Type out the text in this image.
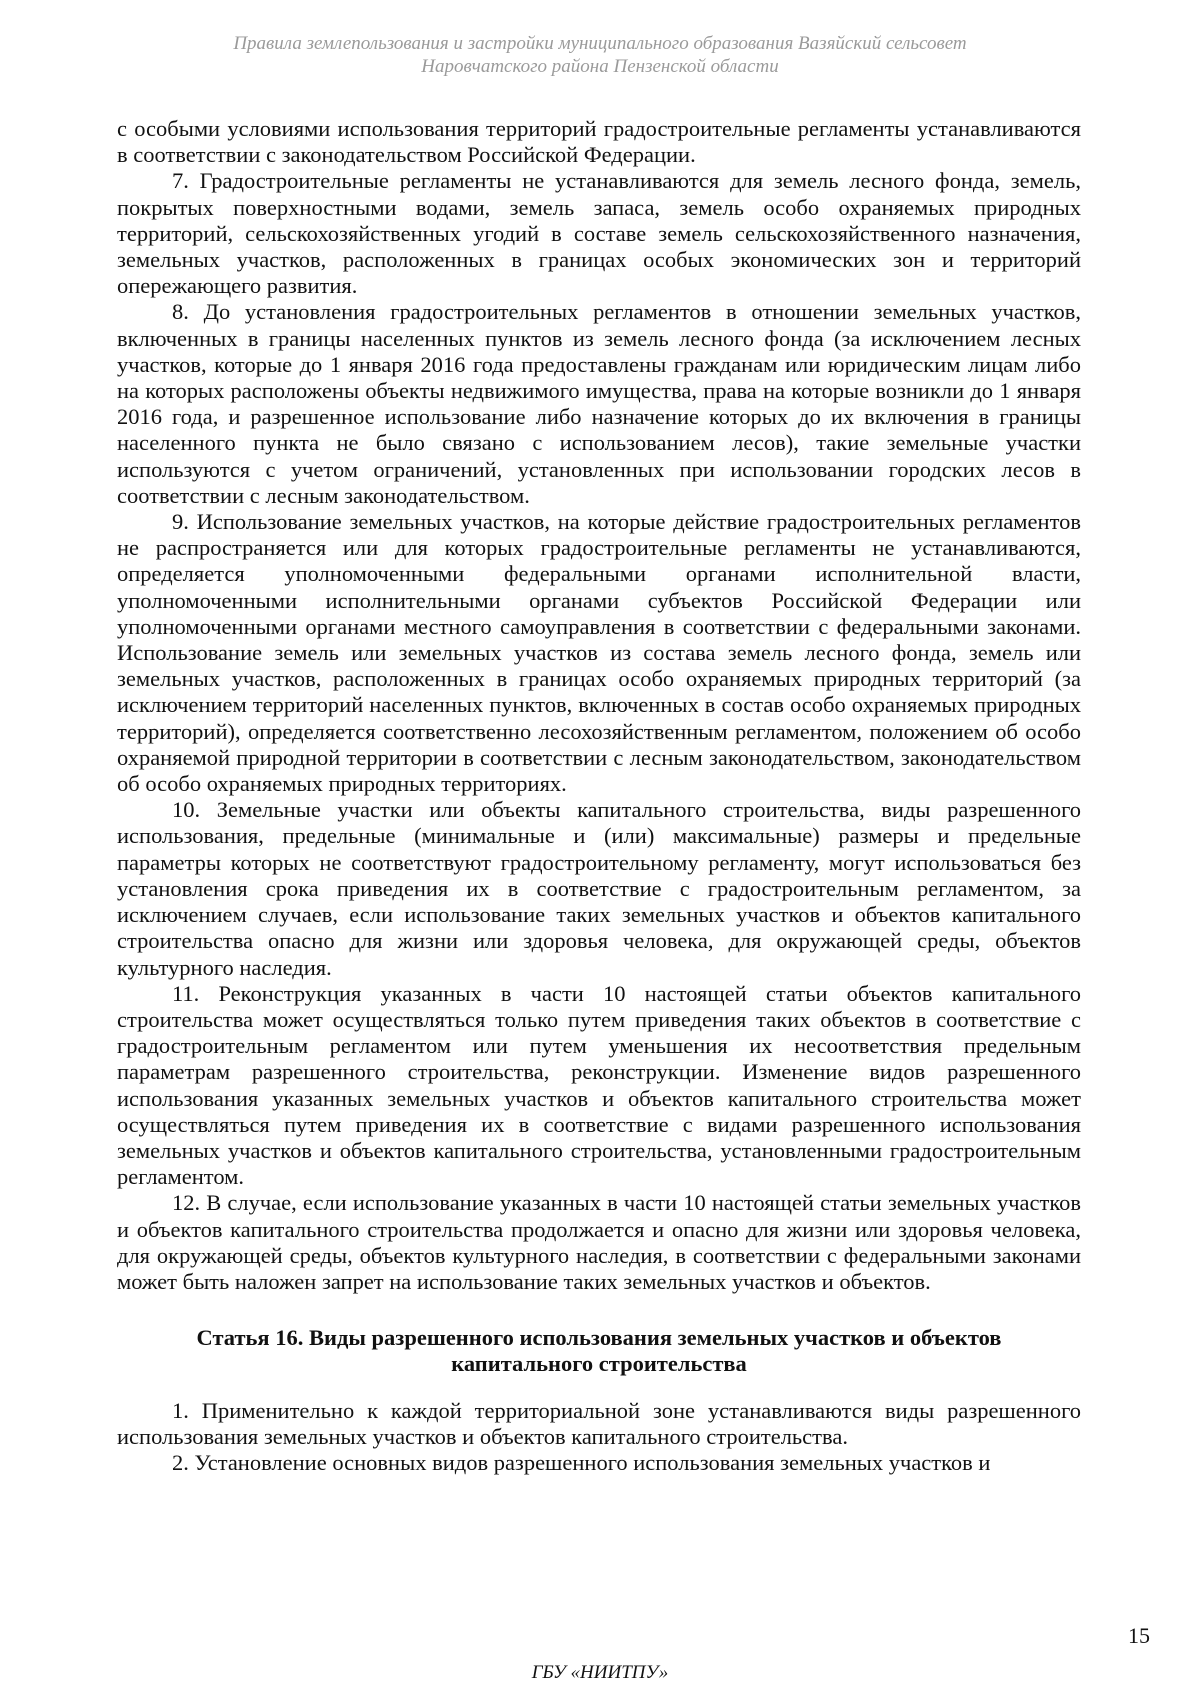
Правила землепользования и застройки муниципального образования Вазяйский сельсовет
Наровчатского района Пензенской области

с особыми условиями использования территорий градостроительные регламенты устанавливаются в соответствии с законодательством Российской Федерации.

7. Градостроительные регламенты не устанавливаются для земель лесного фонда, земель, покрытых поверхностными водами, земель запаса, земель особо охраняемых природных территорий, сельскохозяйственных угодий в составе земель сельскохозяйственного назначения, земельных участков, расположенных в границах особых экономических зон и территорий опережающего развития.

8. До установления градостроительных регламентов в отношении земельных участков, включенных в границы населенных пунктов из земель лесного фонда (за исключением лесных участков, которые до 1 января 2016 года предоставлены гражданам или юридическим лицам либо на которых расположены объекты недвижимого имущества, права на которые возникли до 1 января 2016 года, и разрешенное использование либо назначение которых до их включения в границы населенного пункта не было связано с использованием лесов), такие земельные участки используются с учетом ограничений, установленных при использовании городских лесов в соответствии с лесным законодательством.

9. Использование земельных участков, на которые действие градостроительных регламентов не распространяется или для которых градостроительные регламенты не устанавливаются, определяется уполномоченными федеральными органами исполнительной власти, уполномоченными исполнительными органами субъектов Российской Федерации или уполномоченными органами местного самоуправления в соответствии с федеральными законами. Использование земель или земельных участков из состава земель лесного фонда, земель или земельных участков, расположенных в границах особо охраняемых природных территорий (за исключением территорий населенных пунктов, включенных в состав особо охраняемых природных территорий), определяется соответственно лесохозяйственным регламентом, положением об особо охраняемой природной территории в соответствии с лесным законодательством, законодательством об особо охраняемых природных территориях.

10. Земельные участки или объекты капитального строительства, виды разрешенного использования, предельные (минимальные и (или) максимальные) размеры и предельные параметры которых не соответствуют градостроительному регламенту, могут использоваться без установления срока приведения их в соответствие с градостроительным регламентом, за исключением случаев, если использование таких земельных участков и объектов капитального строительства опасно для жизни или здоровья человека, для окружающей среды, объектов культурного наследия.

11. Реконструкция указанных в части 10 настоящей статьи объектов капитального строительства может осуществляться только путем приведения таких объектов в соответствие с градостроительным регламентом или путем уменьшения их несоответствия предельным параметрам разрешенного строительства, реконструкции. Изменение видов разрешенного использования указанных земельных участков и объектов капитального строительства может осуществляться путем приведения их в соответствие с видами разрешенного использования земельных участков и объектов капитального строительства, установленными градостроительным регламентом.

12. В случае, если использование указанных в части 10 настоящей статьи земельных участков и объектов капитального строительства продолжается и опасно для жизни или здоровья человека, для окружающей среды, объектов культурного наследия, в соответствии с федеральными законами может быть наложен запрет на использование таких земельных участков и объектов.

Статья 16. Виды разрешенного использования земельных участков и объектов капитального строительства

1. Применительно к каждой территориальной зоне устанавливаются виды разрешенного использования земельных участков и объектов капитального строительства.

2. Установление основных видов разрешенного использования земельных участков и

15
ГБУ «НИИТПУ»
